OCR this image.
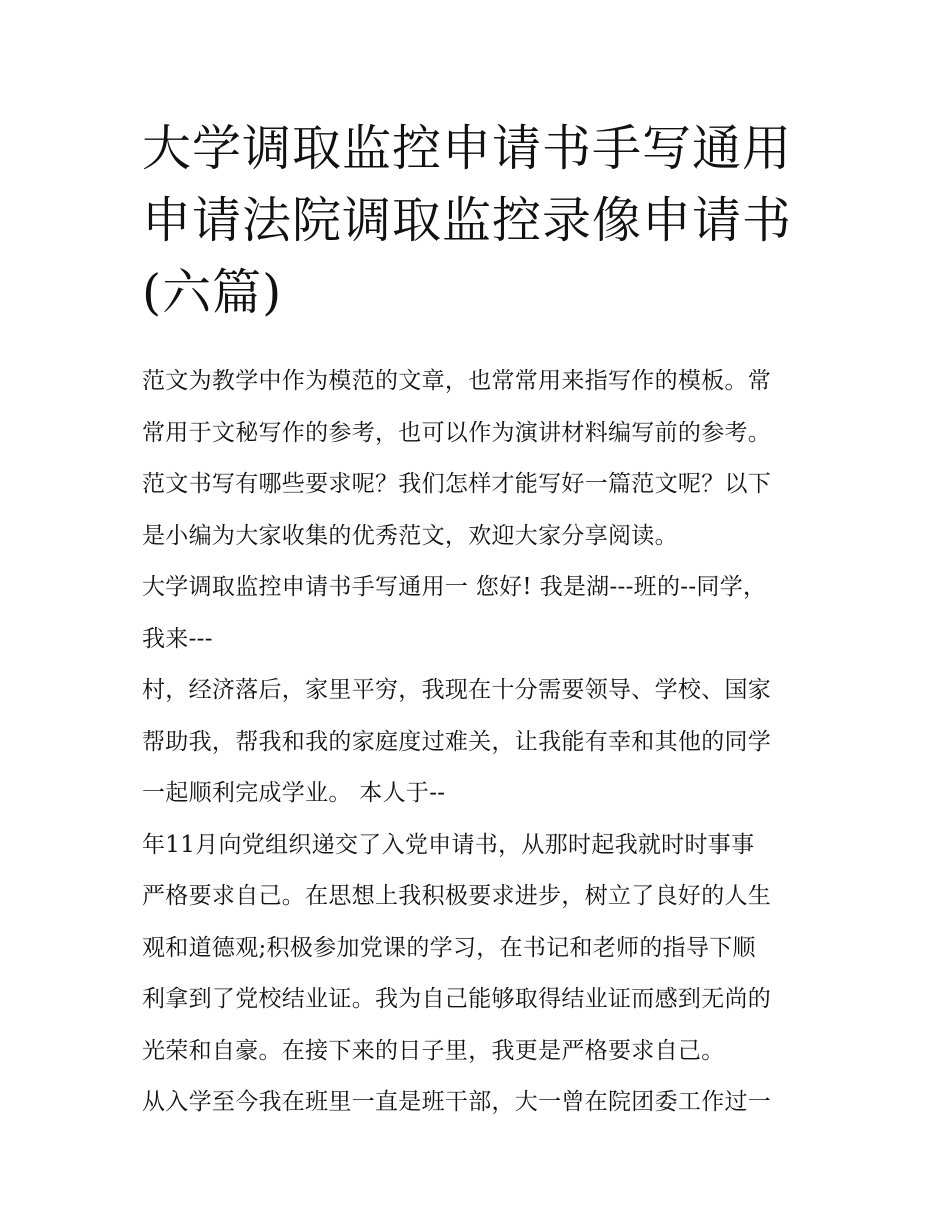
大学调取监控申请书手写通用
申请法院调取监控录像申请书
(六篇)
范文为教学中作为模范的文章，也常常用来指写作的模板。常
常用于文秘写作的参考，也可以作为演讲材料编写前的参考。
范文书写有哪些要求呢？我们怎样才能写好一篇范文呢？以下
是小编为大家收集的优秀范文，欢迎大家分享阅读。
大学调取监控申请书手写通用一 您好! 我是湖---班的--同学，
我来---
村，经济落后，家里平穷，我现在十分需要领导、学校、国家
帮助我，帮我和我的家庭度过难关，让我能有幸和其他的同学
一起顺利完成学业。 本人于--
年11月向党组织递交了入党申请书，从那时起我就时时事事
严格要求自己。在思想上我积极要求进步，树立了良好的人生
观和道德观;积极参加党课的学习，在书记和老师的指导下顺
利拿到了党校结业证。我为自己能够取得结业证而感到无尚的
光荣和自豪。在接下来的日子里，我更是严格要求自己。
从入学至今我在班里一直是班干部，大一曾在院团委工作过一
